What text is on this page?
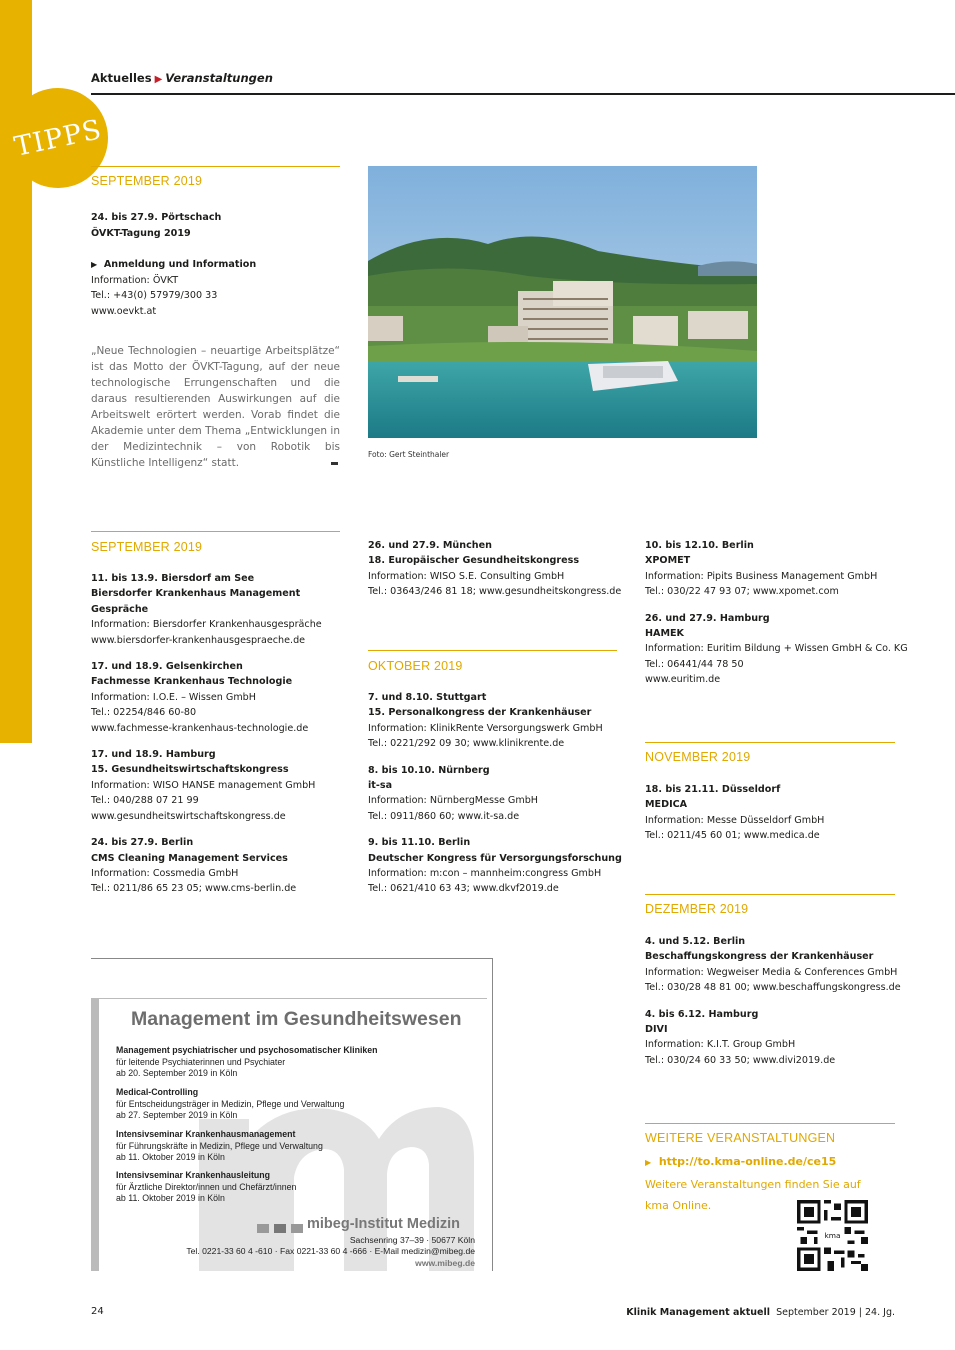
TIPPS
Aktuelles ▶ Veranstaltungen
SEPTEMBER 2019
24. bis 27.9. Pörtschach
ÖVKT-Tagung 2019
▶ Anmeldung und Information
Information: ÖVKT
Tel.: +43(0) 57979/300 33
www.oevkt.at
„Neue Technologien – neuartige Arbeitsplätze“ ist das Motto der ÖVKT-Tagung, auf der neue technologische Errungenschaften und die daraus resultierenden Auswirkungen auf die Arbeitswelt erörtert werden. Vorab findet die Akademie unter dem Thema „Entwicklungen in der Medizintechnik – von Robotik bis Künstliche Intelligenz“ statt.
Foto: Gert Steinthaler
SEPTEMBER 2019
11. bis 13.9. Biersdorf am See
Biersdorfer Krankenhaus Management Gespräche
Information: Biersdorfer Krankenhausgespräche
www.biersdorfer-krankenhausgespraeche.de
17. und 18.9. Gelsenkirchen
Fachmesse Krankenhaus Technologie
Information: I.O.E. – Wissen GmbH
Tel.: 02254/846 60-80
www.fachmesse-krankenhaus-technologie.de
17. und 18.9. Hamburg
15. Gesundheitswirtschaftskongress
Information: WISO HANSE management GmbH
Tel.: 040/288 07 21 99
www.gesundheitswirtschaftskongress.de
24. bis 27.9. Berlin
CMS Cleaning Management Services
Information: Cossmedia GmbH
Tel.: 0211/86 65 23 05; www.cms-berlin.de
26. und 27.9. München
18. Europäischer Gesundheitskongress
Information: WISO S.E. Consulting GmbH
Tel.: 03643/246 81 18; www.gesundheitskongress.de
OKTOBER 2019
7. und 8.10. Stuttgart
15. Personalkongress der Krankenhäuser
Information: KlinikRente Versorgungswerk GmbH
Tel.: 0221/292 09 30; www.klinikrente.de
8. bis 10.10. Nürnberg
it-sa
Information: NürnbergMesse GmbH
Tel.: 0911/860 60; www.it-sa.de
9. bis 11.10. Berlin
Deutscher Kongress für Versorgungsforschung
Information: m:con – mannheim:congress GmbH
Tel.: 0621/410 63 43; www.dkvf2019.de
10. bis 12.10. Berlin
XPOMET
Information: Pipits Business Management GmbH
Tel.: 030/22 47 93 07; www.xpomet.com
26. und 27.9. Hamburg
HAMEK
Information: Euritim Bildung + Wissen GmbH & Co. KG
Tel.: 06441/44 78 50
www.euritim.de
NOVEMBER 2019
18. bis 21.11. Düsseldorf
MEDICA
Information: Messe Düsseldorf GmbH
Tel.: 0211/45 60 01; www.medica.de
DEZEMBER 2019
4. und 5.12. Berlin
Beschaffungskongress der Krankenhäuser
Information: Wegweiser Media & Conferences GmbH
Tel.: 030/28 48 81 00; www.beschaffungskongress.de
4. bis 6.12. Hamburg
DIVI
Information: K.I.T. Group GmbH
Tel.: 030/24 60 33 50; www.divi2019.de
WEITERE VERANSTALTUNGEN
▶ http://to.kma-online.de/ce15
Weitere Veranstaltungen finden Sie auf kma Online.
kma
Management im Gesundheitswesen
Management psychiatrischer und psychosomatischer Kliniken
für leitende Psychiaterinnen und Psychiater
ab 20. September 2019 in Köln
Medical-Controlling
für Entscheidungsträger in Medizin, Pflege und Verwaltung
ab 27. September 2019 in Köln
Intensivseminar Krankenhausmanagement
für Führungskräfte in Medizin, Pflege und Verwaltung
ab 11. Oktober 2019 in Köln
Intensivseminar Krankenhausleitung
für Ärztliche Direktor/innen und Chefärzt/innen
ab 11. Oktober 2019 in Köln
mibeg-Institut Medizin
Sachsenring 37–39 · 50677 Köln
Tel. 0221-33 60 4 -610 · Fax 0221-33 60 4 -666 · E-Mail medizin@mibeg.de
www.mibeg.de
24	Klinik Management aktuell September 2019 | 24. Jg.
